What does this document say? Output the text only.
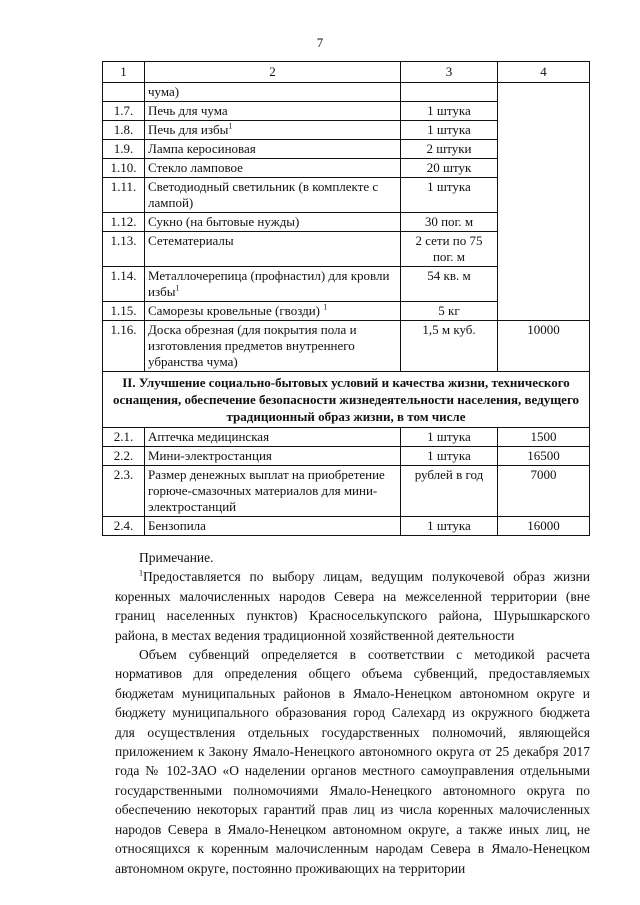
7
1	2	3	4
	чума)		
1.7.	Печь для чума	1 штука	
1.8.	Печь для избы$^1$	1 штука	
1.9.	Лампа керосиновая	2 штуки	
1.10.	Стекло ламповое	20 штук	
1.11.	Светодиодный светильник (в комплекте с лампой)	1 штука	
1.12.	Сукно (на бытовые нужды)	30 пог. м	
1.13.	Сетематериалы	2 сети по 75 пог. м	
1.14.	Металлочерепица (профнастил) для кровли избы$^1$	54 кв. м	
1.15.	Саморезы кровельные (гвозди) $^1$	5 кг	
1.16.	Доска обрезная (для покрытия пола и изготовления предметов внутреннего убранства чума)	1,5 м куб.	10000
II. Улучшение социально-бытовых условий и качества жизни, технического оснащения, обеспечение безопасности жизнедеятельности населения, ведущего традиционный образ жизни, в том числе			
2.1.	Аптечка медицинская	1 штука	1500
2.2.	Мини-электростанция	1 штука	16500
2.3.	Размер денежных выплат на приобретение горюче-смазочных материалов для мини-электростанций	рублей в год	7000
2.4.	Бензопила	1 штука	16000

Примечание.

$^1$Предоставляется по выбору лицам, ведущим полукочевой образ жизни коренных малочисленных народов Севера на межселенной территории (вне границ населенных пунктов) Красноселькупского района, Шурышкарского района, в местах ведения традиционной хозяйственной деятельности

Объем субвенций определяется в соответствии с методикой расчета нормативов для определения общего объема субвенций, предоставляемых бюджетам муниципальных районов в Ямало-Ненецком автономном округе и бюджету муниципального образования город Салехард из окружного бюджета для осуществления отдельных государственных полномочий, являющейся приложением к Закону Ямало-Ненецкого автономного округа от 25 декабря 2017 года № 102-ЗАО «О наделении органов местного самоуправления отдельными государственными полномочиями Ямало-Ненецкого автономного округа по обеспечению некоторых гарантий прав лиц из числа коренных малочисленных народов Севера в Ямало-Ненецком автономном округе, а также иных лиц, не относящихся к коренным малочисленным народам Севера в Ямало-Ненецком автономном округе, постоянно проживающих на территории
